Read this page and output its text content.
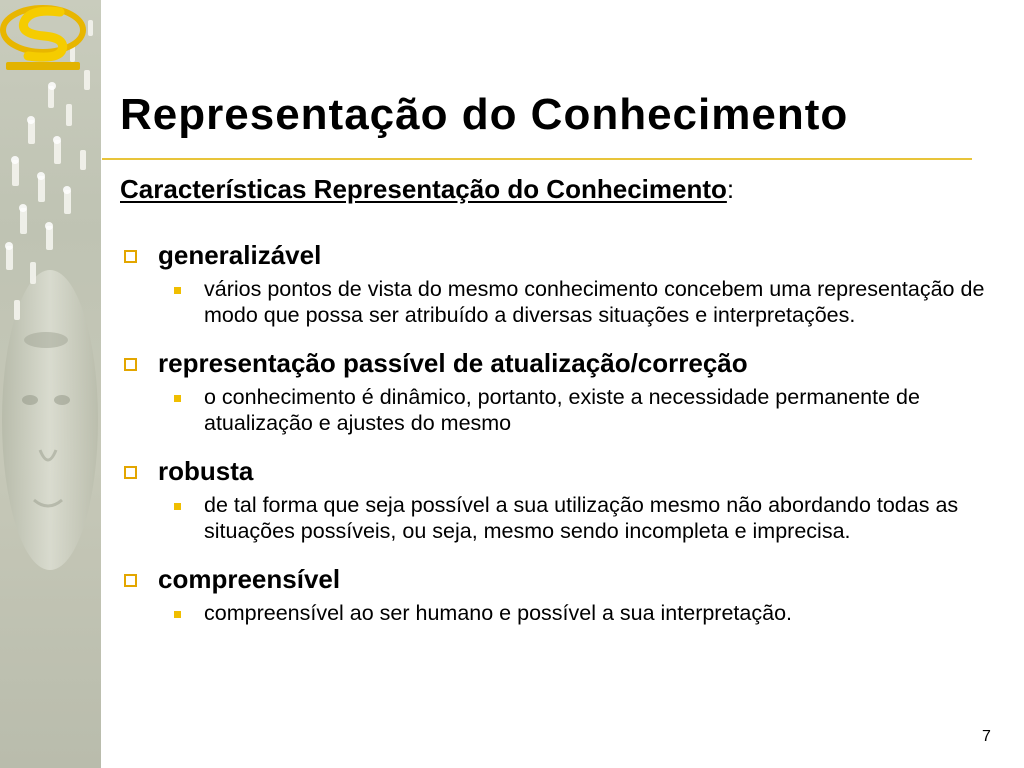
Representação do Conhecimento
Características Representação do Conhecimento:
generalizável
vários pontos de vista do mesmo conhecimento concebem uma representação de modo que possa ser atribuído a diversas situações e interpretações.
representação passível de atualização/correção
o conhecimento é dinâmico, portanto, existe a necessidade permanente de atualização e ajustes do mesmo
robusta
de tal forma que seja possível a sua utilização mesmo não abordando todas as situações possíveis, ou seja, mesmo sendo incompleta e imprecisa.
compreensível
compreensível ao ser humano e possível a sua interpretação.
7
